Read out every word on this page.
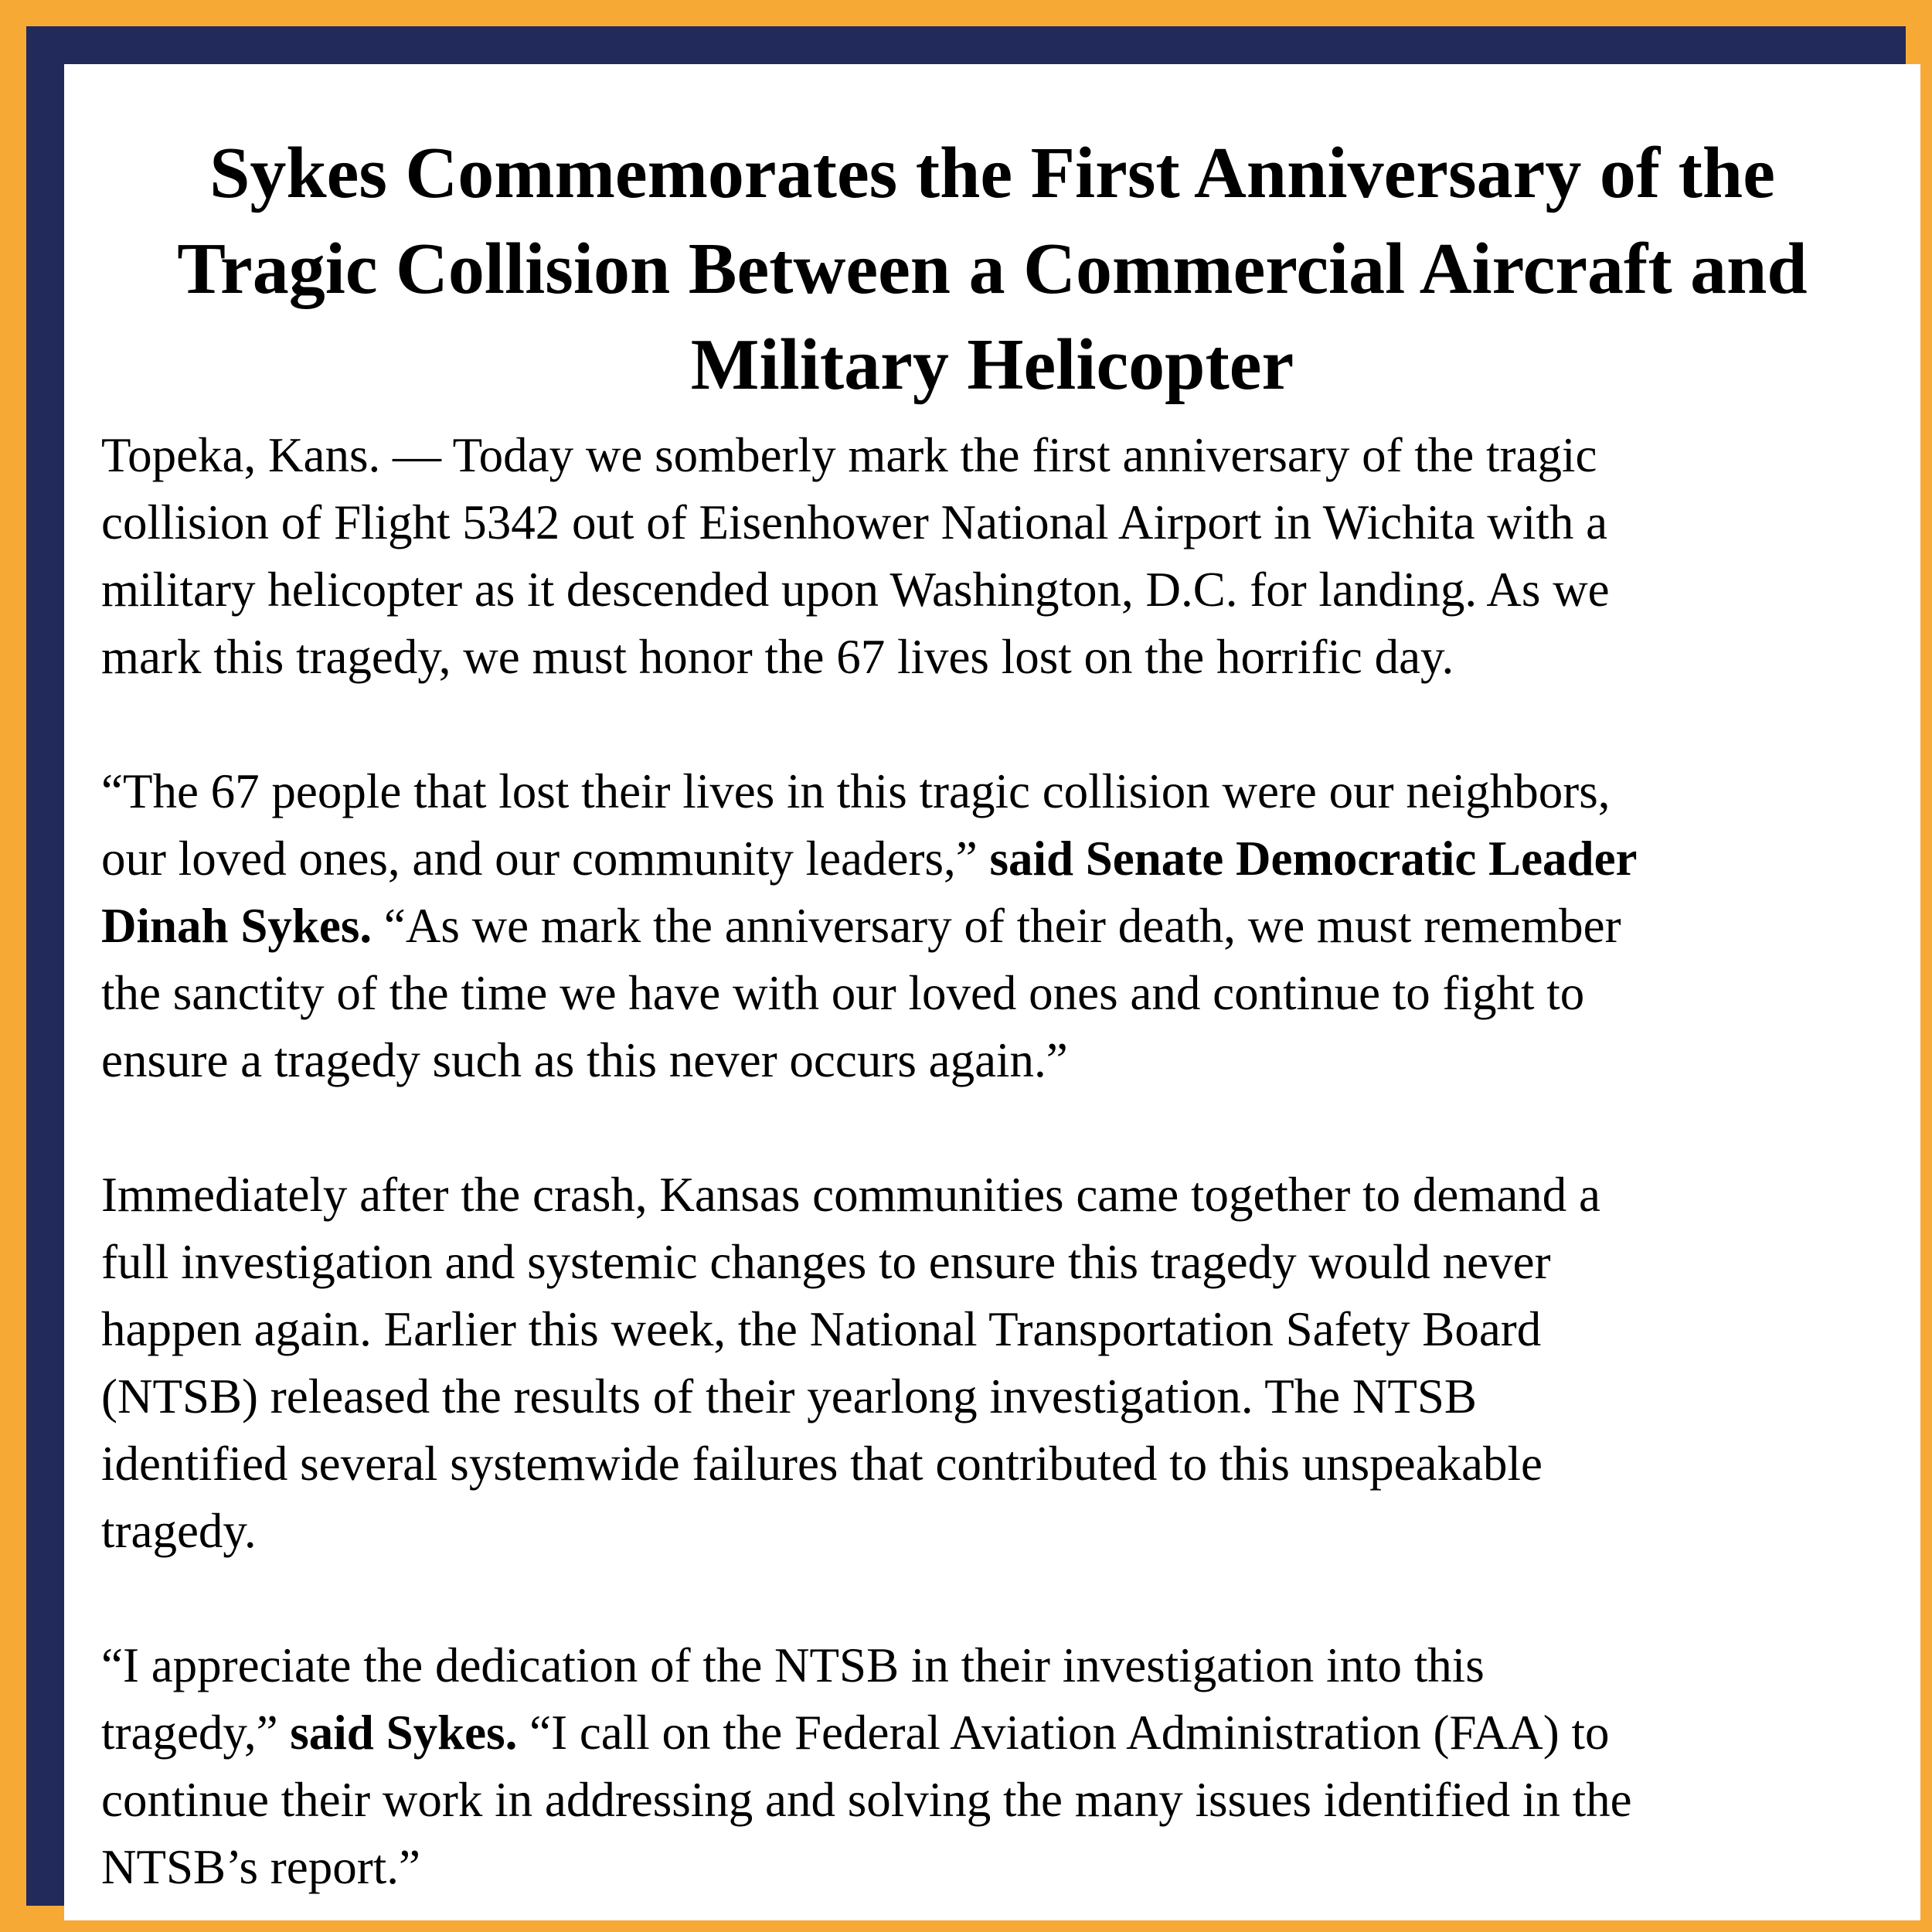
Sykes Commemorates the First Anniversary of the
Tragic Collision Between a Commercial Aircraft and
Military Helicopter

Topeka, Kans. — Today we somberly mark the first anniversary of the tragic
collision of Flight 5342 out of Eisenhower National Airport in Wichita with a
military helicopter as it descended upon Washington, D.C. for landing. As we
mark this tragedy, we must honor the 67 lives lost on the horrific day.

“The 67 people that lost their lives in this tragic collision were our neighbors,
our loved ones, and our community leaders,” said Senate Democratic Leader
Dinah Sykes. “As we mark the anniversary of their death, we must remember
the sanctity of the time we have with our loved ones and continue to fight to
ensure a tragedy such as this never occurs again.”

Immediately after the crash, Kansas communities came together to demand a
full investigation and systemic changes to ensure this tragedy would never
happen again. Earlier this week, the National Transportation Safety Board
(NTSB) released the results of their yearlong investigation. The NTSB
identified several systemwide failures that contributed to this unspeakable
tragedy.

“I appreciate the dedication of the NTSB in their investigation into this
tragedy,” said Sykes. “I call on the Federal Aviation Administration (FAA) to
continue their work in addressing and solving the many issues identified in the
NTSB’s report.”
